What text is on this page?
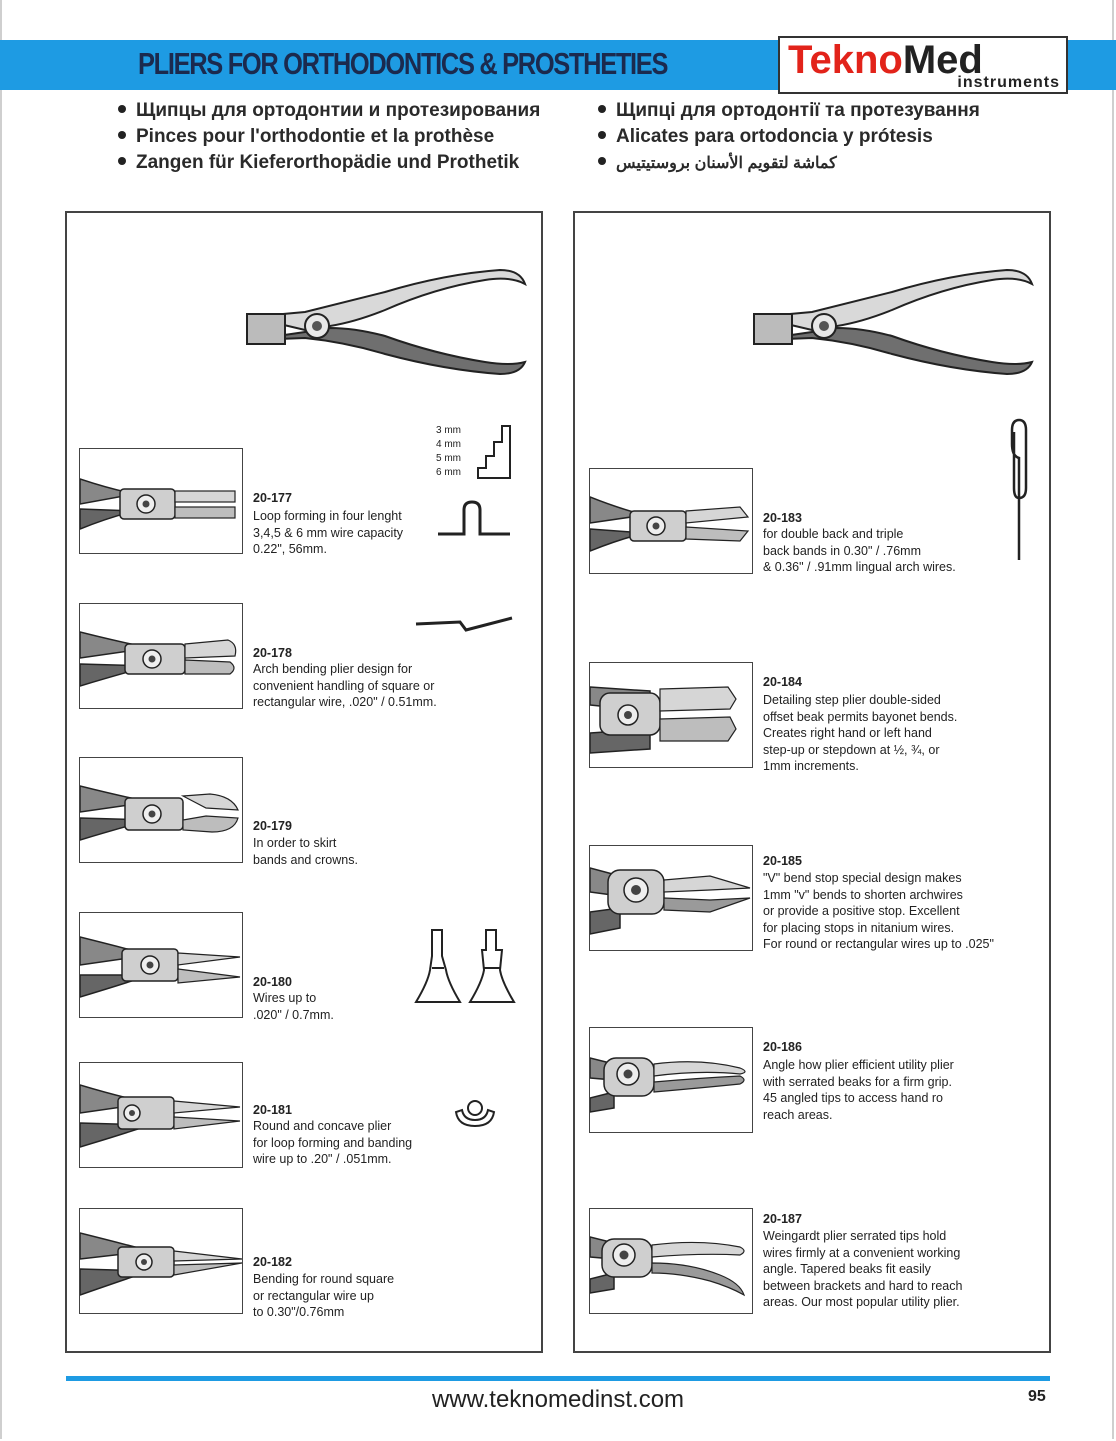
PLIERS FOR ORTHODONTICS & PROSTHETIES	TeknoMed
instruments
Щипцы для ортодонтии и протезирования
Pinces pour l'orthodontie et la prothèse
Zangen für Kieferorthopädie und Prothetik
Щипці для ортодонтії та протезування
Alicates para ortodoncia y prótesis
كماشة لتقويم الأسنان بروستيتيس
20-177
Loop forming in four lenght
3,4,5 & 6 mm wire capacity
0.22", 56mm.
3 mm
4 mm
5 mm
6 mm
20-178
Arch bending plier design for
convenient handling of square or
rectangular wire, .020" / 0.51mm.
20-179
In order to skirt
bands and crowns.
20-180
Wires up to
.020" / 0.7mm.
20-181
Round and concave plier
for loop forming and banding
wire up to .20" / .051mm.
20-182
Bending for round square
or rectangular wire up
to 0.30"/0.76mm
20-183
for double back and triple
back bands in 0.30" / .76mm
& 0.36" / .91mm lingual arch wires.
20-184
Detailing step plier double-sided
offset beak permits bayonet bends.
Creates right hand or left hand
step-up or stepdown at ½, ¾, or
1mm increments.
20-185
"V" bend stop special design makes
1mm "v" bends to shorten archwires
or provide a positive stop. Excellent
for placing stops in nitanium wires.
For round or rectangular wires up to .025"
20-186
Angle how plier efficient utility plier
with serrated beaks for a firm grip.
45 angled tips to access hand ro
reach areas.
20-187
Weingardt plier serrated tips hold
wires firmly at a convenient working
angle. Tapered beaks fit easily
between brackets and hard to reach
areas. Our most popular utility plier.
www.teknomedinst.com	95
